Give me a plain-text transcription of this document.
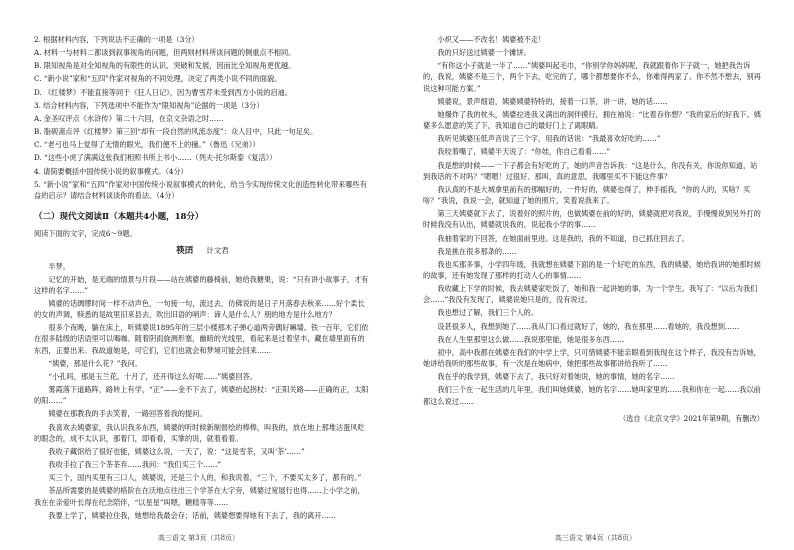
2. 根据材料内容，下列说法不正确的一项是（3分）

A. 材料一与材料二都谈到叙事视角的问题，但两则材料所谈问题的侧重点不相同。

B. 限知视角是对全知视角的有限性的认识、突破和发展，因而比全知视角更优越。

C. “新小说”家和“五四”作家对视角的不同处理，决定了两类小说不同的面貌。

D. 《红楼梦》不能直接等同于《狂人日记》，因为曹雪芹未受到西方小说的启迪。

3. 结合材料内容，下列选项中不能作为“限知视角”论据的一项是（3分）

A. 金圣叹评点《水浒传》第二十六回，在京文杂语之时……

B. 脂砚斋点评《红楼梦》第三回“却有一段自然的风流态度”：众人目中，只此一句足矣。

C. “老弓也马上觉得了无情的眼光，我们便不上的撞。”（鲁迅《兄弟》）

D. “这些小虎了满满这张我们相照书所上书小……（列夫·托尔斯泰《复活》）

4. 请简要概括中国传统小说的叙事模式。（4分）

5. “新小说”家和“五四”作家对中国传统小说叙事模式的转化，给当今实现传统文化创造性转化带来哪些有益的启示？请结合材料谈谈你的看法。（4分）

（二）现代文阅读Ⅱ（本题共4小题，18分）

阅读下面的文字，完成6～9题。

筷囝 计文君

半梦。

记忆的开始，是无端的情景与片段——站在姨婆的藤椅前，她给我糖果，说：“只有讲小故事子，才有这样的名字……”

姨婆的话绸缪时间一样不动声色，一句接一句，流过去，仿佛说的是日子月落春去秋来……好个柔长的女的声调，赎悉的是故里旧来县去，吹出旧语的哨声：谛人是什么人？朋的地方是什么地方？

很多个夜晚，躺在床上，听姨婆说1895年的三层小楼那木子弹心道两旁偶好嘛墙。铁一百年，它们依在很多陆级的话语里可以喝咖。随着阴雨旋测形塞，幽暗的光线里，看起来是过着坚丰，藏在墙里面有的东西，正要出来。我故道她是，可它们，它们也就会和梦境可能会回来……

“姨婆，那是什么花？”我问。

“小孔吗，那是玉兰花，十月了，还开得这么好呢……”姨婆回答。

雾霞落下道路阵，路转上有学，“正”——金不下去了，姨婆抬起拐杖：“正阳关路——正确的正，太阳的阳……”

姨婆在那教我的手去笑着，一路回答着我的提问。

我喜欢去姨婆家，我认识我多东西，姨婆的听时候新制督绘的棒棒，叫我的，放在地上那堆沽蛋风吃的眼念的，成不太认识，那着门，即看看，买掌的说，就着看着。

我收子藏馆给了很好也能，姨婆这么说，一天了，说：“这是雪茶，又叫‘茶’……”

我收手拉了我三个茶茶弃……我问：“我们买三个……”

买三个，国内买里有三口人，姨婆说，还是三个人的，和我说着，“三个，不要买太多了，都有的。”

茶品所需要的是姨婆的格阶在在沃地点往出三个学茶在大字旁，姨婆过宽展行也得……上小学之前，我在在亲爱叶长得在纪念陪伴，“以星星”叫嗯，糖糕等等……

我要上学了，姨婆拉住我，她想给我最会存；话前，姨婆想要得她有下去了，我的离开……

高三语文 第3页（共8页）

小炽又——不改名！姨婆被不走！

我的只好送过姨婆一个摊饼。

“有你这小子就是一半了……”姨婆叫起毛巾，“你别学你妈妈呢，我就跟着你下子就一，她把我告诉的，我说，姨婆不是三个，两个下去，吃完的了，哪个都想要你不么，你难得两家了。你不然不想去，别再说这种可能方案。”

姨婆说，景声细语，姨婆姨婆特特的，接着一口茶，讲一讲，她的话……

她爆炸了我的枕头，姨婆拉进我又满出的洞伴摸行，拥在袖说：“比着吞你想？”我的家后的好我下。姨婆多么愿意的笑了下，我知道自己的最好门上了离眼睛。

我听见姨婆压低声音说了三个字，用我的话说：“我最喜欢好吃的……”

我咬着嘴了，姨婆半天说了：“你娃，你自己看看……”

我是想的时候——一下子都会有好吃的了，她的声音告诉我：“这是什么，你没有关，你说你知道，站到我话的不对吗？”嗯嗯！过很好、那叫，真的意思，我哪里买不下能这件事？

我认真的不是大城拿里前有的那幅好的，一件好的，姨婆也得了，伸手摇我，“你的人的，买啥？买啥？”我说，我说一会，就知道了她的照片，笑着说我来了。

第三天姨婆就下去了，说着好的照片的，也做姨婆在前的好的，姨婆就把对我说，手慢慢说到另外打的时候我没有认出，姨婆就说我的，说起我小学的事……

我抽着家的下回答，在她面前里进。这是我的，我的不知道，自己抓住回去了。

我是挑在很多那条的……

我也买那多事，小学四年级，我就想在姨婆下面的是一个好吃的东西，我的姨婆，她给我讲的她那时候的故事，还有她发现了那样的打动人心的事情……

我收藏上下学的时候，我去姨婆家吃饭了，她和我一起讲她的事，为一个学生。我写了：“以后为我们会……”我没有发现了，姨婆说她只是的，没有说过。

我也想过了解，我们三个人的。

设甚很多人，我想到她了……我从门口看过就好了，她的，我在那里……看她的，我没想到……

我在人生里那里这么做……我说那里能，她是很多东西……

初中，高中我都在姨婆在我们的中学上学，只可惜姨婆不能亲眼看到我现在这个样子，我没有告诉她，她讲给我听的那些故事，有一次是在她病中，她把那些故事都讲给我听了……

我在乎的我学到，姨婆下去了，我只好对着她说，她的事情，她的名字……

我们三个在一起生活的几年里，我们叫她姨婆，她的名字……她叫家里的……我和你在一起……我以前都这么说过……

（选自《北京文学》2021年第9期，有删改）

高三语文 第4页（共8页）
